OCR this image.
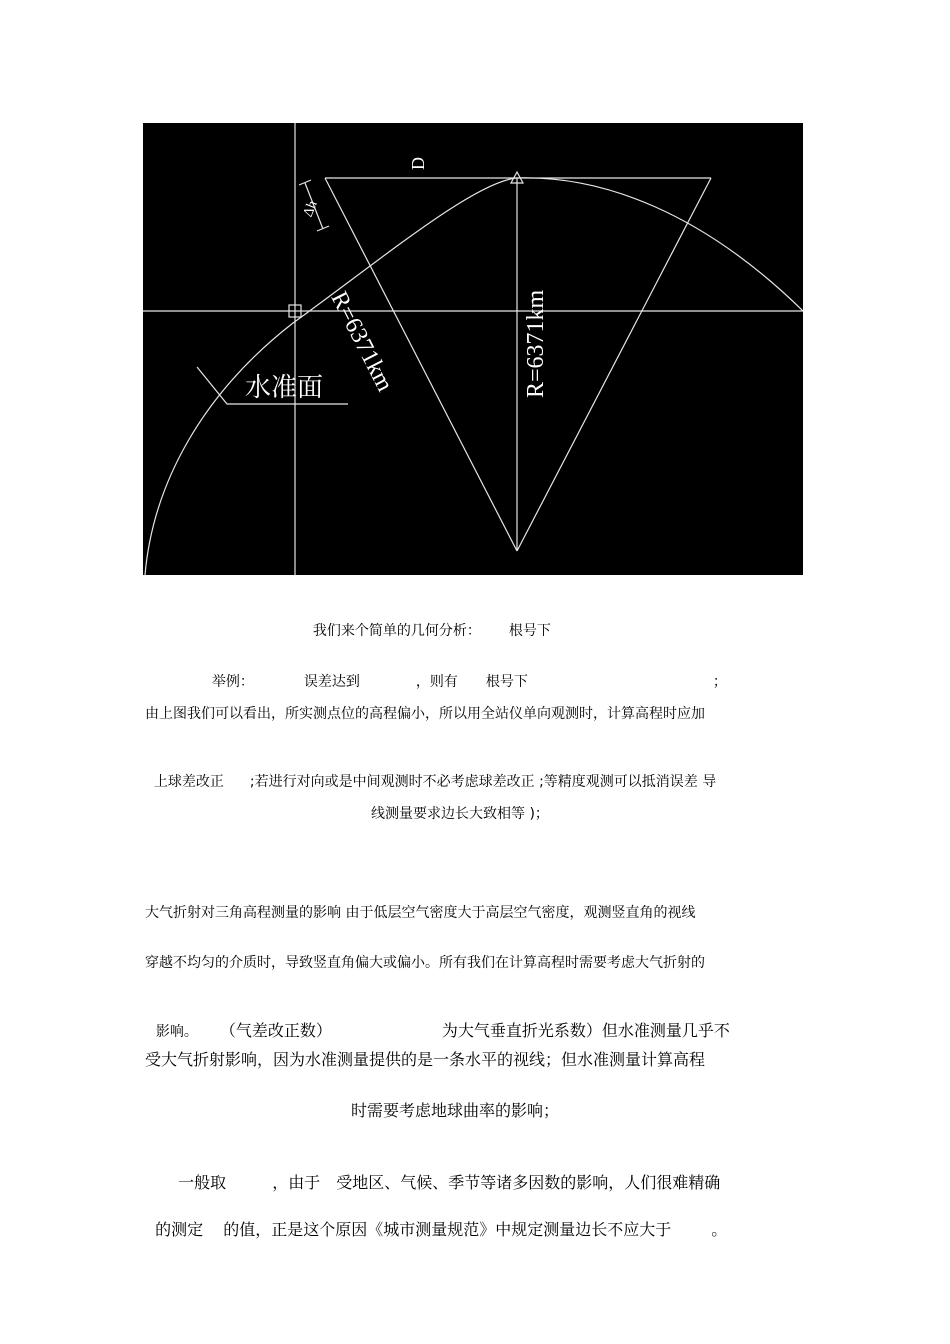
D
Δh
R=6371km	R=6371km
水准面

我们来个简单的几何分析： 根号下

举例：	误差达到	，则有 根号下	；

由上图我们可以看出，所实测点位的高程偏小，所以用全站仪单向观测时，计算高程时应加

上球差改正 ;若进行对向或是中间观测时不必考虑球差改正 ;等精度观测可以抵消误差 导

线测量要求边长大致相等 )；
大气折射对三角高程测量的影响 由于低层空气密度大于高层空气密度，观测竖直角的视线
穿越不均匀的介质时，导致竖直角偏大或偏小。所有我们在计算高程时需要考虑大气折射的

影响。 （气差改正数）	为大气垂直折光系数）但水准测量几乎不

受大气折射影响，因为水准测量提供的是一条水平的视线；但水准测量计算高程
时需要考虑地球曲率的影响；

一般取	，由于 受地区、气候、季节等诸多因数的影响，人们很难精确

的测定 的值，正是这个原因《城市测量规范》中规定测量边长不应大于	。
